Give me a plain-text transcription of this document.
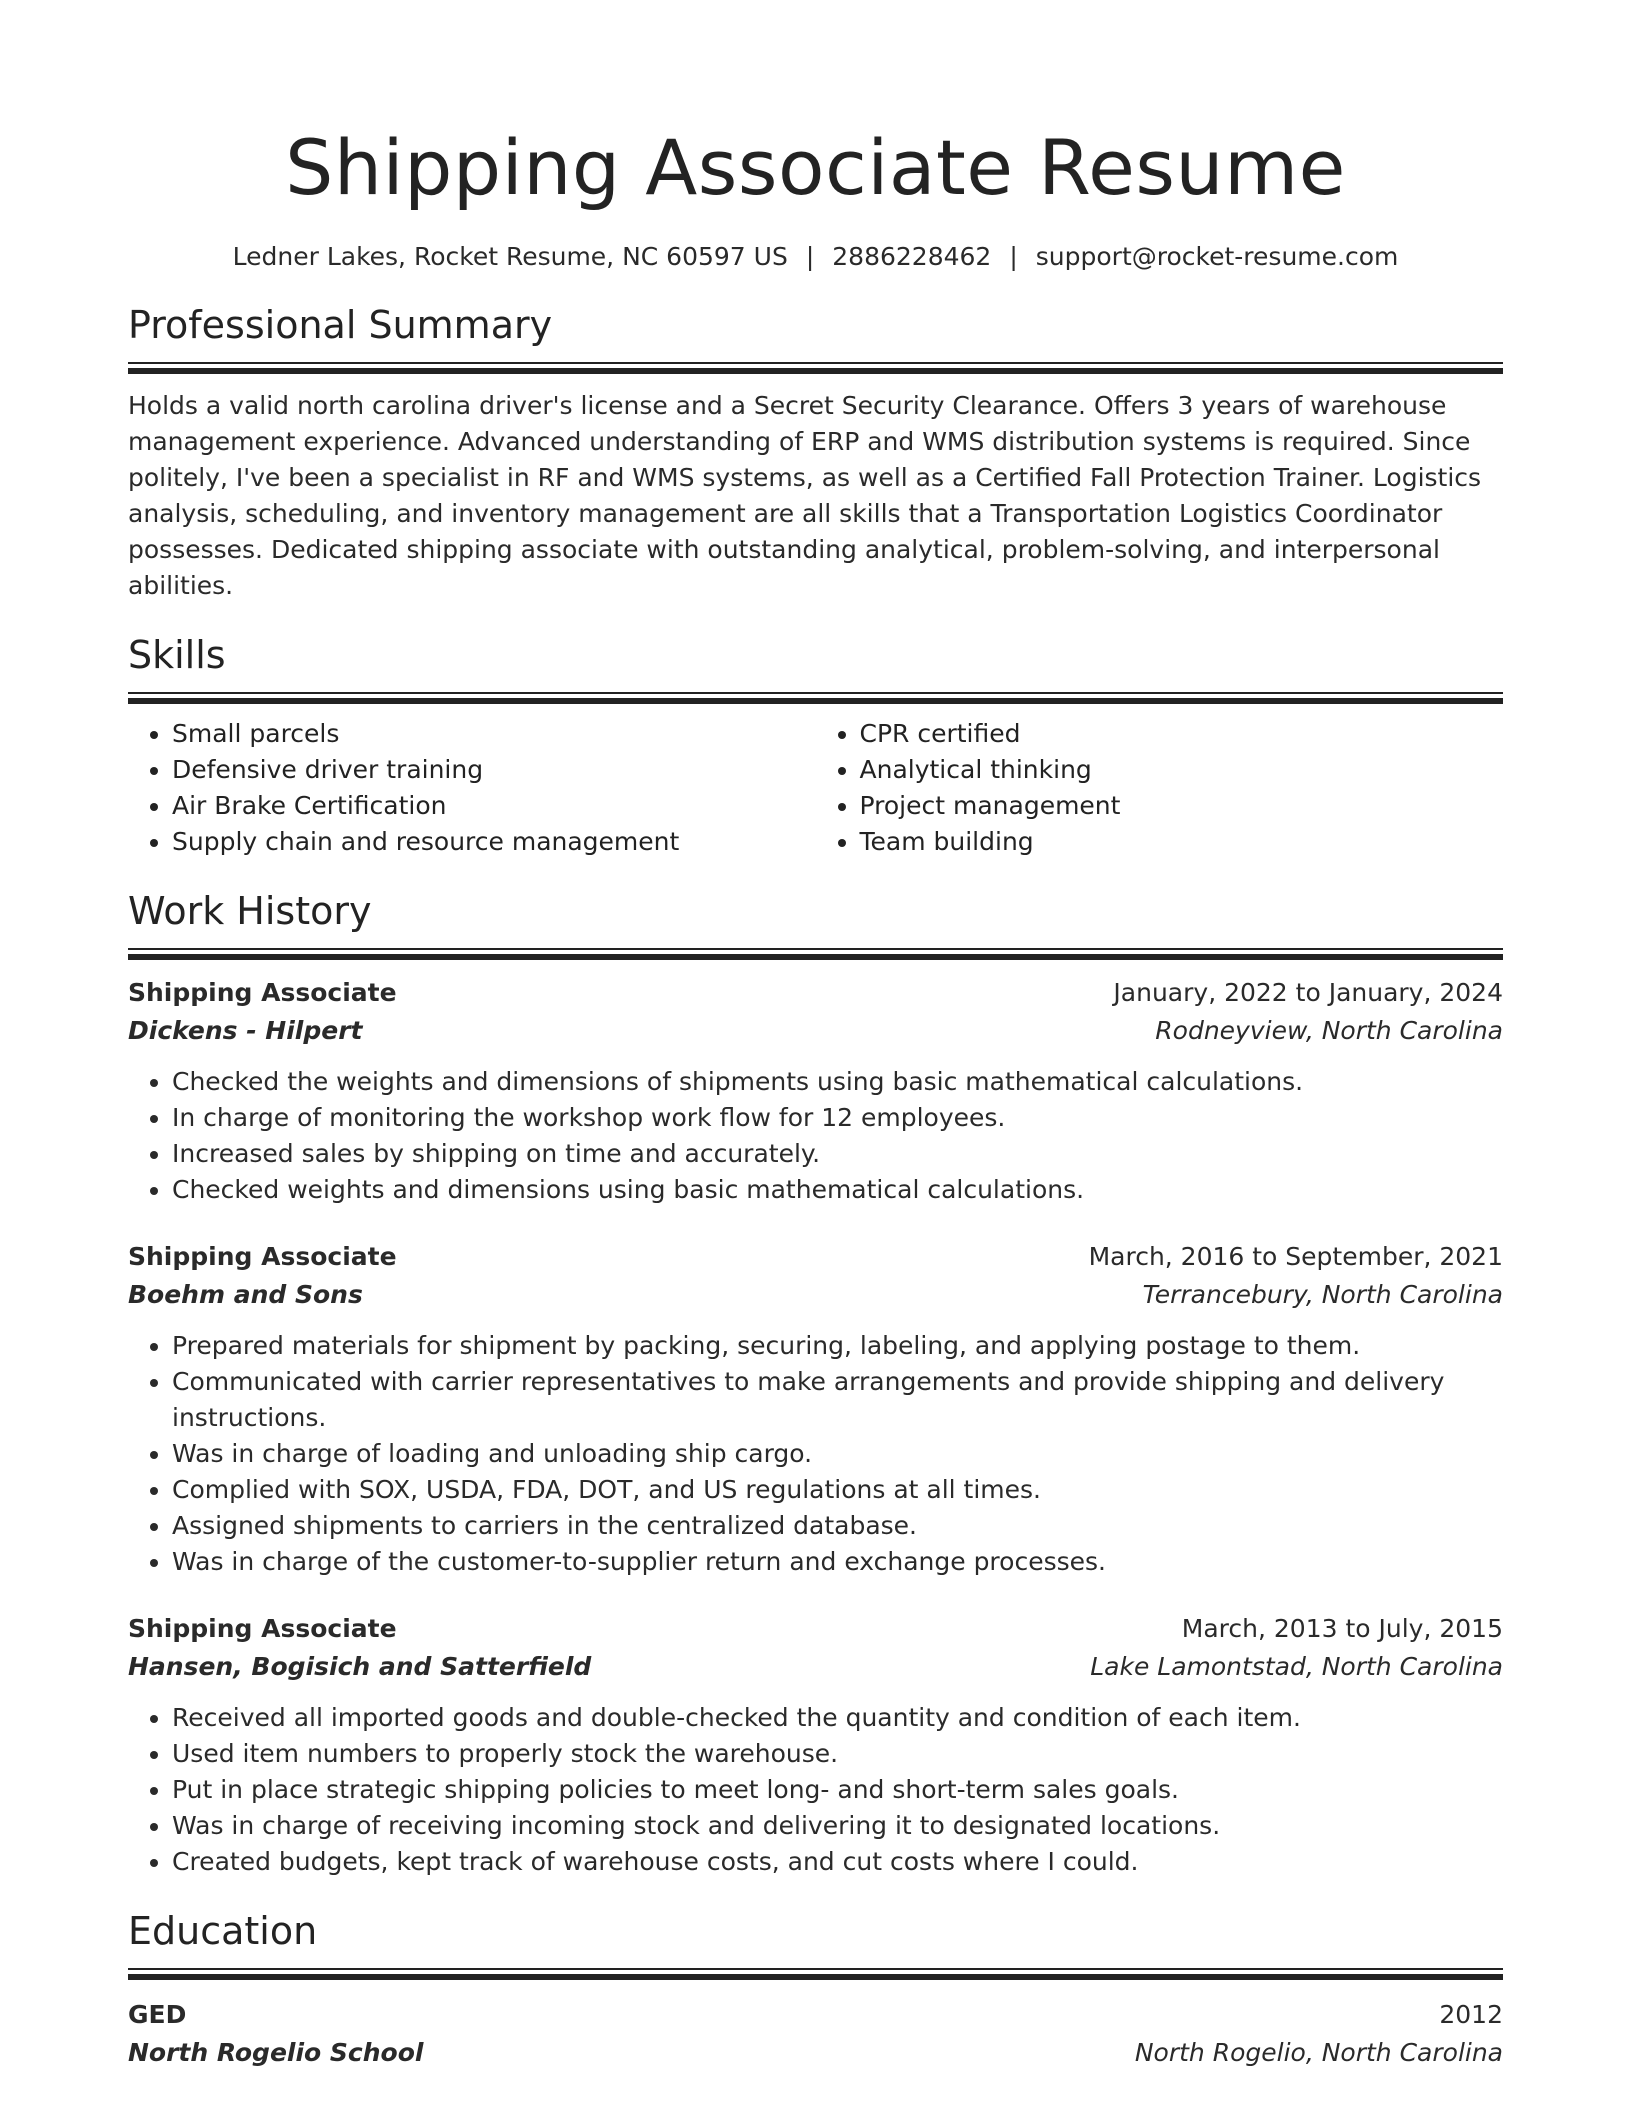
Shipping Associate Resume
Ledner Lakes, Rocket Resume, NC 60597 US | 2886228462 | support@rocket-resume.com
Professional Summary

Holds a valid north carolina driver's license and a Secret Security Clearance. Offers 3 years of warehouse management experience. Advanced understanding of ERP and WMS distribution systems is required. Since politely, I've been a specialist in RF and WMS systems, as well as a Certified Fall Protection Trainer. Logistics analysis, scheduling, and inventory management are all skills that a Transportation Logistics Coordinator possesses. Dedicated shipping associate with outstanding analytical, problem-solving, and interpersonal abilities.

Skills
• Small parcels
• Defensive driver training
• Air Brake Certification
• Supply chain and resource management
• CPR certified
• Analytical thinking
• Project management
• Team building
Work History
Shipping Associate	January, 2022 to January, 2024
Dickens - Hilpert	Rodneyview, North Carolina
• Checked the weights and dimensions of shipments using basic mathematical calculations.
• In charge of monitoring the workshop work flow for 12 employees.
• Increased sales by shipping on time and accurately.
• Checked weights and dimensions using basic mathematical calculations.
Shipping Associate	March, 2016 to September, 2021
Boehm and Sons	Terrancebury, North Carolina
• Prepared materials for shipment by packing, securing, labeling, and applying postage to them.
• Communicated with carrier representatives to make arrangements and provide shipping and delivery instructions.
• Was in charge of loading and unloading ship cargo.
• Complied with SOX, USDA, FDA, DOT, and US regulations at all times.
• Assigned shipments to carriers in the centralized database.
• Was in charge of the customer-to-supplier return and exchange processes.
Shipping Associate	March, 2013 to July, 2015
Hansen, Bogisich and Satterfield	Lake Lamontstad, North Carolina
• Received all imported goods and double-checked the quantity and condition of each item.
• Used item numbers to properly stock the warehouse.
• Put in place strategic shipping policies to meet long- and short-term sales goals.
• Was in charge of receiving incoming stock and delivering it to designated locations.
• Created budgets, kept track of warehouse costs, and cut costs where I could.
Education
GED	2012
North Rogelio School	North Rogelio, North Carolina
